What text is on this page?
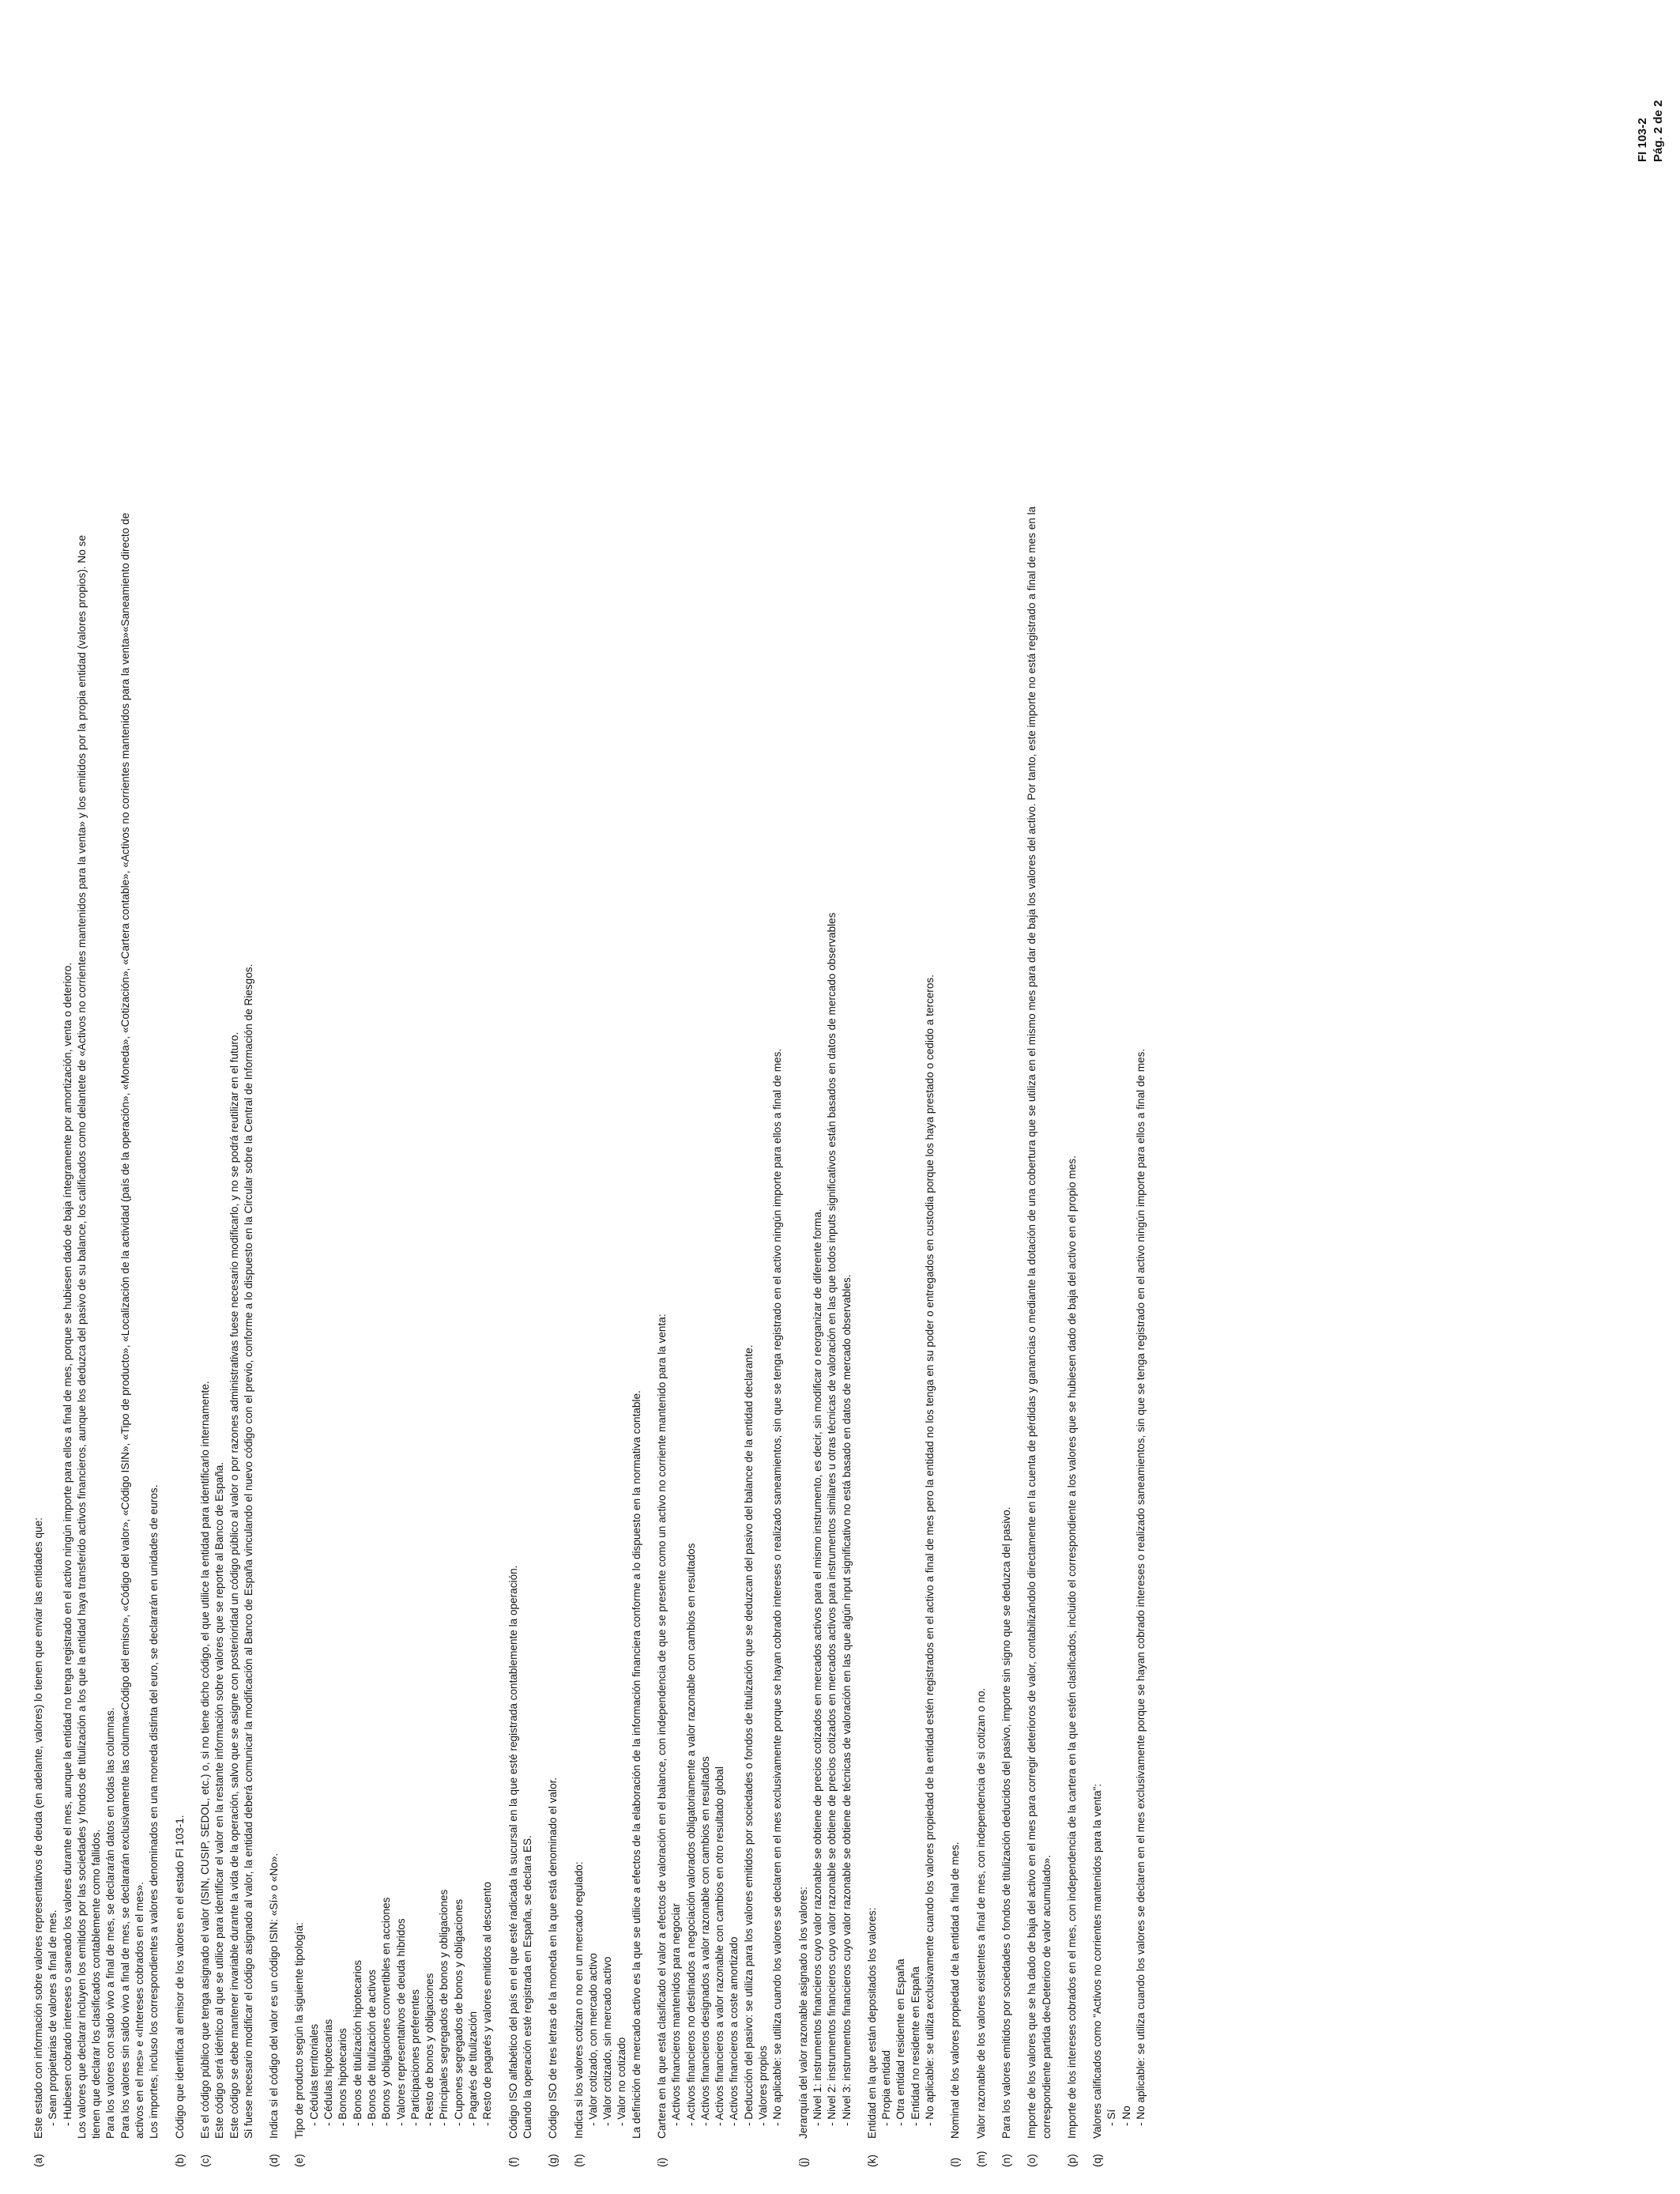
FI 103-2 Pág. 2 de 2
(a)
Este estado con información sobre valores representativos de deuda (en adelante, valores) lo tienen que enviar las entidades que: - Sean propietarias de valores a final de mes. - Hubiesen cobrado intereses o saneado los valores durante el mes, aunque la entidad no tenga registrado en el activo ningún importe para ellos a final de mes, porque se hubiesen dado de baja íntegramente por amortización, venta o deterioro. Los valores que declarar incluyen los emitidos por las sociedades y fondos de titulización a los que la entidad haya transferido activos financieros, aunque los deduzca del pasivo de su balance, los calificados como delantete de «Activos no corrientes mantenidos para la venta» y los emitidos por la propia entidad (valores propios). No se tienen que declarar los clasificados contablemente como fallidos. Para los valores con saldo vivo a final de mes, se declararán datos en todas las columnas. Para los valores sin saldo vivo a final de mes, se declararán exclusivamente las columna«Código del emisor», «Código del valor», «Código ISIN», «Tipo de producto», «Localización de la actividad (país de la operación», «Moneda», «Cotización», «Cartera contable», «Activos no corrientes mantenidos para la venta»«Saneamiento directo de activos en el mes» e «Intereses cobrados en el mes». Los importes, incluso los correspondientes a valores denominados en una moneda distinta del euro, se declararán en unidades de euros.
(b)
Código que identifica al emisor de los valores en el estado FI 103-1.
(c)
Es el código público que tenga asignado el valor (ISIN, CUSIP, SEDOL, etc.) o, si no tiene dicho código, el que utilice la entidad para identificarlo internamente. Este código será idéntico al que se utilice para identificar el valor en la restante información sobre valores que se reporte al Banco de España. Este código se debe mantener invariable durante la vida de la operación, salvo que se asigne con posterioridad un código público al valor o por razones administrativas fuese necesario modificarlo, y no se podrá reutilizar en el futuro. Si fuese necesario modificar el código asignado al valor, la entidad deberá comunicar la modificación al Banco de España vinculando el nuevo código con el previo, conforme a lo dispuesto en la Circular sobre la Central de Información de Riesgos.
(d)
Indica si el código del valor es un código ISIN: «Sí» o «No».
(e)
Tipo de producto según la siguiente tipología: - Cédulas territoriales - Cédulas hipotecarias - Bonos hipotecarios - Bonos de titulización hipotecarios - Bonos de titulización de activos - Bonos y obligaciones convertibles en acciones - Valores representativos de deuda híbridos - Participaciones preferentes - Resto de bonos y obligaciones - Principales segregados de bonos y obligaciones - Cupones segregados de bonos y obligaciones - Pagarés de titulización - Resto de pagarés y valores emitidos al descuento
(f)
Código ISO alfabético del país en el que esté radicada la sucursal en la que esté registrada contablemente la operación. Cuando la operación esté registrada en España, se declara ES.
(g)
Código ISO de tres letras de la moneda en la que está denominado el valor.
(h)
Indica si los valores cotizan o no en un mercado regulado: - Valor cotizado, con mercado activo - Valor cotizado, sin mercado activo - Valor no cotizado La definición de mercado activo es la que se utilice a efectos de la elaboración de la información financiera conforme a lo dispuesto en la normativa contable.
(i)
Cartera en la que está clasificado el valor a efectos de valoración en el balance, con independencia de que se presente como un activo no corriente mantenido para la venta: - Activos financieros mantenidos para negociar - Activos financieros no destinados a negociación valorados obligatoriamente a valor razonable con cambios en resultados - Activos financieros designados a valor razonable con cambios en resultados - Activos financieros a valor razonable con cambios en otro resultado global - Activos financieros a coste amortizado - Deducción del pasivo: se utiliza para los valores emitidos por sociedades o fondos de titulización que se deduzcan del pasivo del balance de la entidad declarante. - Valores propios - No aplicable: se utiliza cuando los valores se declaren en el mes exclusivamente porque se hayan cobrado intereses o realizado saneamientos, sin que se tenga registrado en el activo ningún importe para ellos a final de mes.
(j)
Jerarquía del valor razonable asignado a los valores: - Nivel 1: instrumentos financieros cuyo valor razonable se obtiene de precios cotizados en mercados activos para el mismo instrumento, es decir, sin modificar o reorganizar de diferente forma. - Nivel 2: instrumentos financieros cuyo valor razonable se obtiene de precios cotizados en mercados activos para instrumentos similares u otras técnicas de valoración en las que todos inputs significativos están basados en datos de mercado observables - Nivel 3: instrumentos financieros cuyo valor razonable se obtiene de técnicas de valoración en las que algún input significativo no está basado en datos de mercado observables.
(k)
Entidad en la que están depositados los valores: - Propia entidad - Otra entidad residente en España - Entidad no residente en España - No aplicable: se utiliza exclusivamente cuando los valores propiedad de la entidad estén registrados en el activo a final de mes pero la entidad no los tenga en su poder o entregados en custodia porque los haya prestado o cedido a terceros.
(l)
Nominal de los valores propiedad de la entidad a final de mes.
(m)
Valor razonable de los valores existentes a final de mes, con independencia de si cotizan o no.
(n)
Para los valores emitidos por sociedades o fondos de titulización deducidos del pasivo, importe sin signo que se deduzca del pasivo.
(o)
Importe de los valores que se ha dado de baja del activo en el mes para corregir deterioros de valor, contabilizándolo directamente en la cuenta de pérdidas y ganancias o mediante la dotación de una cobertura que se utiliza en el mismo mes para dar de baja los valores del activo. Por tanto, este importe no está registrado a final de mes en la correspondiente partida de«Deterioro de valor acumulado».
(p)
Importe de los intereses cobrados en el mes, con independencia de la cartera en la que estén clasificados, incluido el correspondiente a los valores que se hubiesen dado de baja del activo en el propio mes.
(q)
Valores calificados como "Activos no corrientes mantenidos para la venta": - Sí - No - No aplicable: se utiliza cuando los valores se declaren en el mes exclusivamente porque se hayan cobrado intereses o realizado saneamientos, sin que se tenga registrado en el activo ningún importe para ellos a final de mes.
